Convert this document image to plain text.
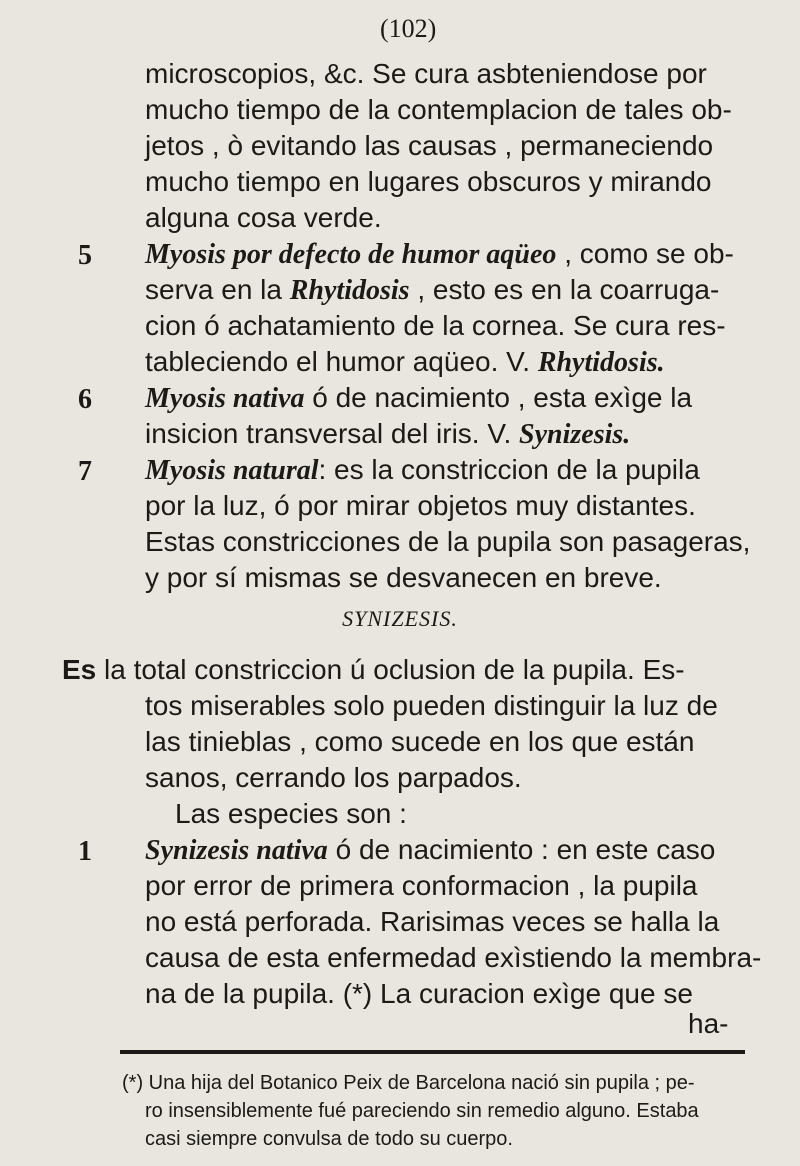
(102)
microscopios, &c. Se cura asbteniendose por
mucho tiempo de la contemplacion de tales ob-
jetos , ò evitando las causas , permaneciendo
mucho tiempo en lugares obscuros y mirando
alguna cosa verde.
5 Myosis por defecto de humor aqüeo , como se ob-
serva en la Rhytidosis , esto es en la coarruga-
cion ó achatamiento de la cornea. Se cura res-
tableciendo el humor aqüeo. V. Rhytidosis.
6 Myosis nativa ó de nacimiento , esta exìge la
insicion transversal del iris. V. Synizesis.
7 Myosis natural: es la constriccion de la pupila
por la luz, ó por mirar objetos muy distantes.
Estas constricciones de la pupila son pasageras,
y por sí mismas se desvanecen en breve.
SYNIZESIS.
Es la total constriccion ú oclusion de la pupila. Es-
tos miserables solo pueden distinguir la luz de
las tinieblas , como sucede en los que están
sanos, cerrando los parpados.
Las especies son :
1 Synizesis nativa ó de nacimiento : en este caso
por error de primera conformacion , la pupila
no está perforada. Rarisimas veces se halla la
causa de esta enfermedad exìstiendo la membra-
na de la pupila. (*) La curacion exìge que se
ha-
(*) Una hija del Botanico Peix de Barcelona nació sin pupila ; pe-
ro insensiblemente fué pareciendo sin remedio alguno. Estaba
casi siempre convulsa de todo su cuerpo.
